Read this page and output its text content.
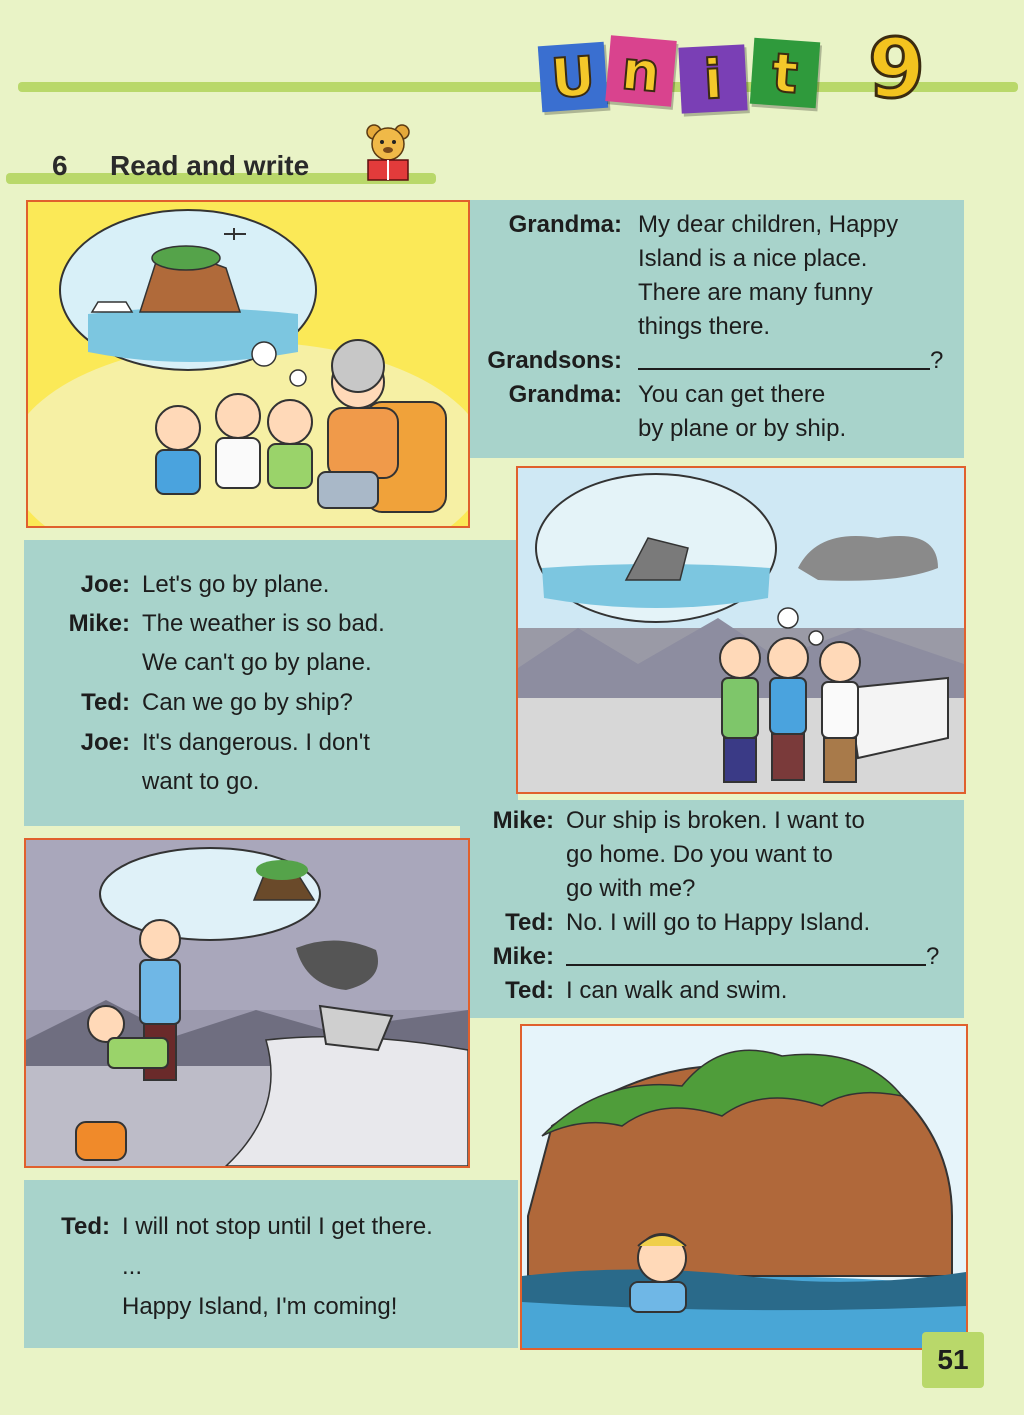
U n i t 9
6 Read and write
Grandma: My dear children, Happy
Island is a nice place.
There are many funny
things there.
Grandsons:	?
Grandma: You can get there
by plane or by ship.
Joe: Let's go by plane.
Mike: The weather is so bad.
We can't go by plane.
Ted: Can we go by ship?
Joe: It's dangerous. I don't
want to go.
Mike: Our ship is broken. I want to
go home. Do you want to
go with me?
Ted: No. I will go to Happy Island.
Mike:	?
Ted: I can walk and swim.
Ted: I will not stop until I get there.
...
Happy Island, I'm coming!
51
